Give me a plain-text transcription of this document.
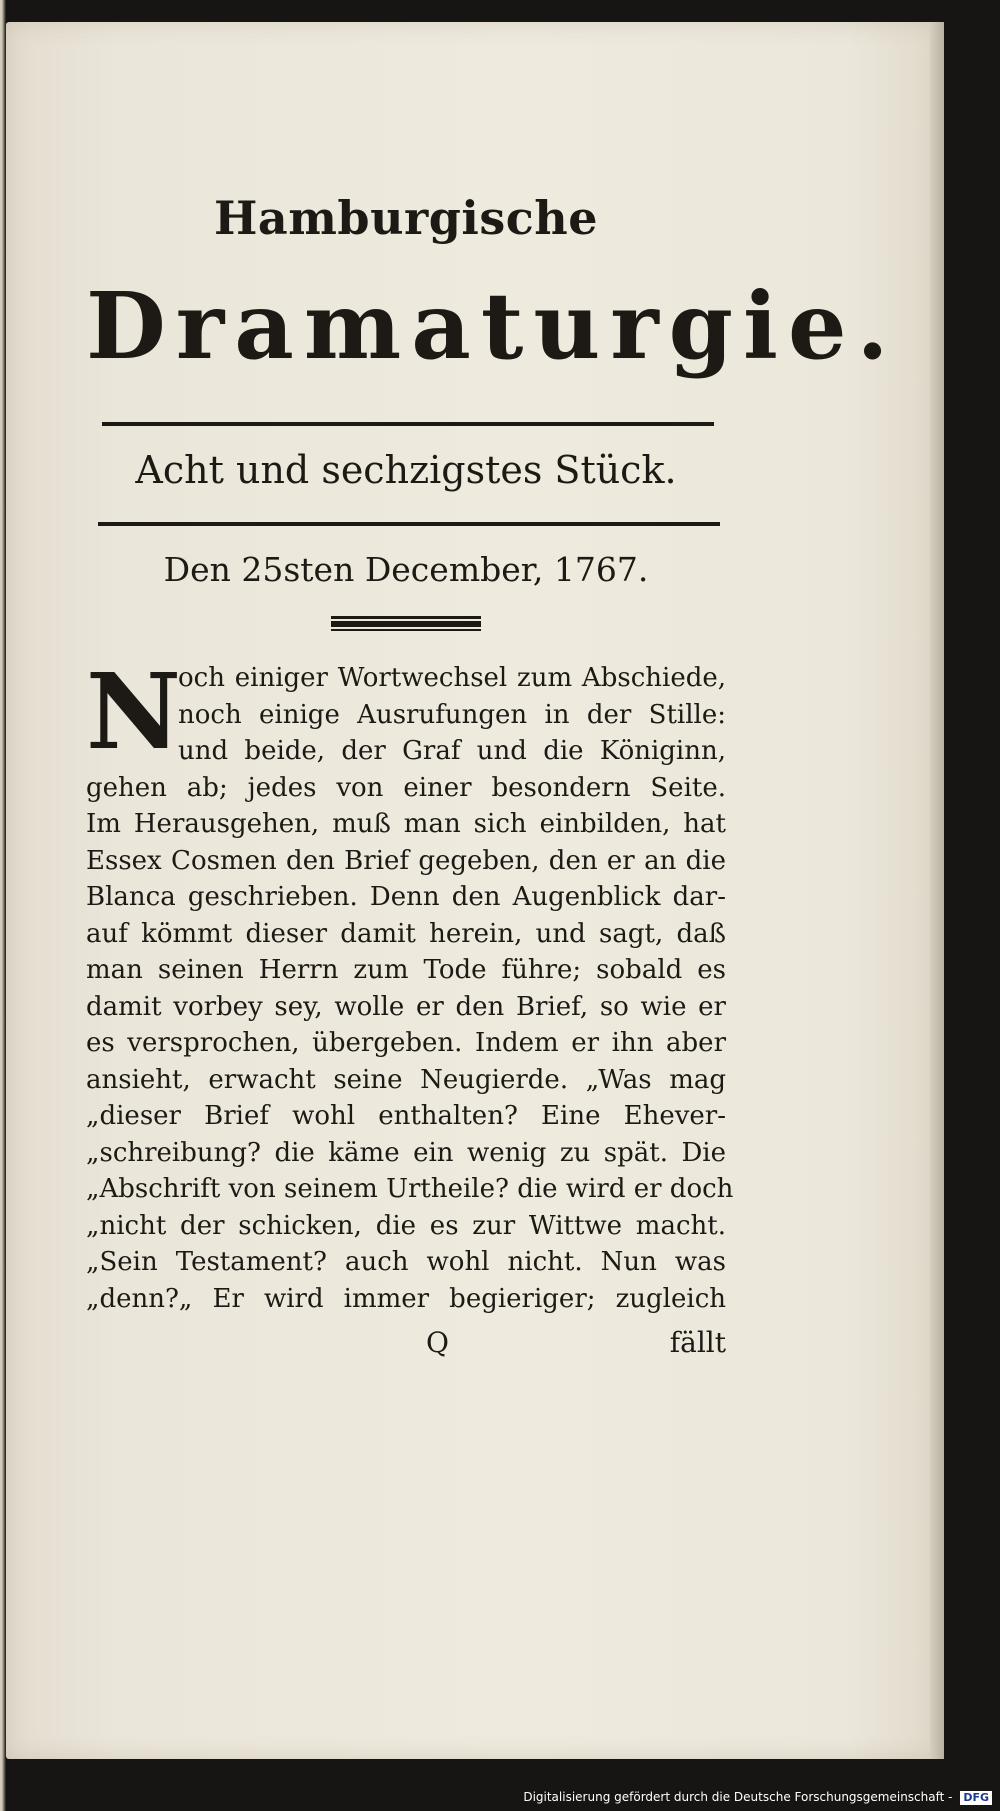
Hamburgische
Dramaturgie.
Acht und sechzigstes Stück.
Den 25sten December, 1767.
N
och einiger Wortwechsel zum Abschiede,
noch einige Ausrufungen in der Stille:
und beide, der Graf und die Königinn,
gehen ab; jedes von einer besondern Seite.
Im Herausgehen, muß man sich einbilden, hat
Essex Cosmen den Brief gegeben, den er an die
Blanca geschrieben. Denn den Augenblick dar-
auf kömmt dieser damit herein, und sagt, daß
man seinen Herrn zum Tode führe; sobald es
damit vorbey sey, wolle er den Brief, so wie er
es versprochen, übergeben. Indem er ihn aber
ansieht, erwacht seine Neugierde. „Was mag
„dieser Brief wohl enthalten? Eine Ehever-
„schreibung? die käme ein wenig zu spät. Die
„Abschrift von seinem Urtheile? die wird er doch
„nicht der schicken, die es zur Wittwe macht.
„Sein Testament? auch wohl nicht. Nun was
„denn?„ Er wird immer begieriger; zugleich
Q	fällt
Digitalisierung gefördert durch die Deutsche Forschungsgemeinschaft - DFG
